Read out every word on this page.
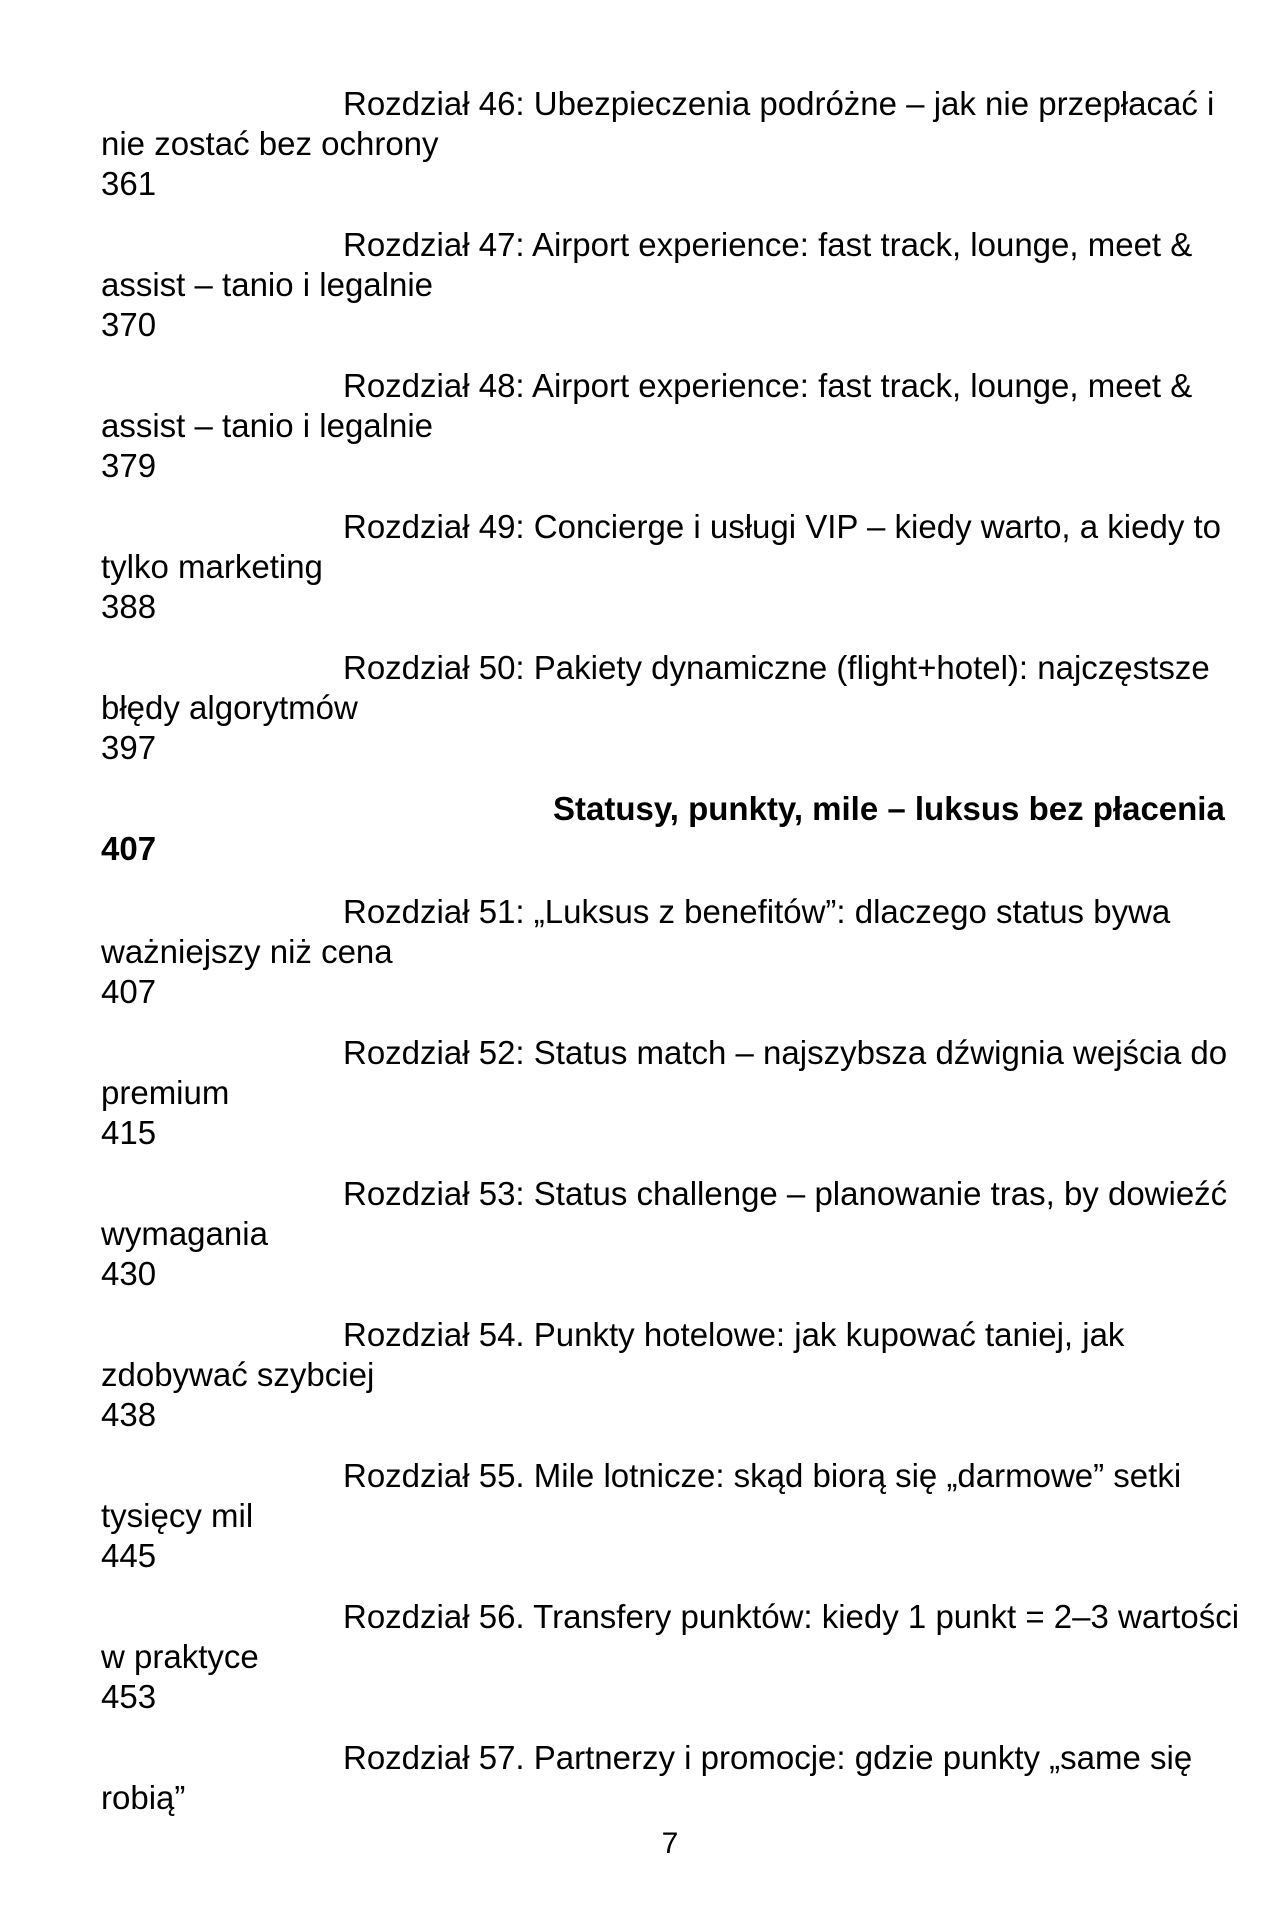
Rozdział 46: Ubezpieczenia podróżne – jak nie przepłacać i nie zostać bez ochrony
361
Rozdział 47: Airport experience: fast track, lounge, meet & assist – tanio i legalnie
370
Rozdział 48: Airport experience: fast track, lounge, meet & assist – tanio i legalnie
379
Rozdział 49: Concierge i usługi VIP – kiedy warto, a kiedy to tylko marketing
388
Rozdział 50: Pakiety dynamiczne (flight+hotel): najczęstsze błędy algorytmów
397
Statusy, punkty, mile – luksus bez płacenia
407
Rozdział 51: „Luksus z benefitów”: dlaczego status bywa ważniejszy niż cena
407
Rozdział 52: Status match – najszybsza dźwignia wejścia do premium
415
Rozdział 53: Status challenge – planowanie tras, by dowieźć wymagania
430
Rozdział 54. Punkty hotelowe: jak kupować taniej, jak zdobywać szybciej
438
Rozdział 55. Mile lotnicze: skąd biorą się „darmowe” setki tysięcy mil
445
Rozdział 56. Transfery punktów: kiedy 1 punkt = 2–3 wartości w praktyce
453
Rozdział 57. Partnerzy i promocje: gdzie punkty „same się robią”
7
